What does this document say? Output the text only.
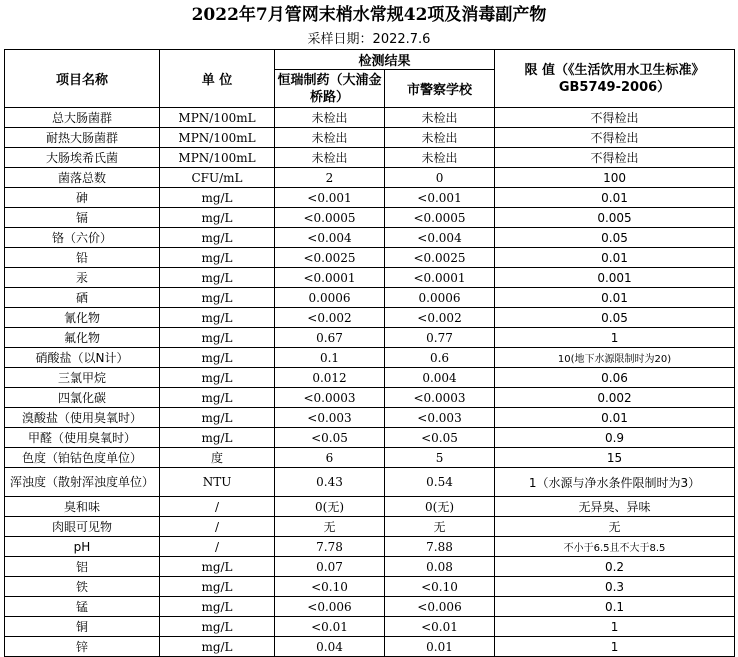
2022年7月管网末梢水常规42项及消毒副产物
采样日期：2022.7.6
项目名称	单 位	检测结果		限 值（《生活饮用水卫生标准》GB5749-2006）
		恒瑞制药（大浦金桥路）	市警察学校	
总大肠菌群	MPN/100mL	未检出	未检出	不得检出
耐热大肠菌群	MPN/100mL	未检出	未检出	不得检出
大肠埃希氏菌	MPN/100mL	未检出	未检出	不得检出
菌落总数	CFU/mL	2	0	100
砷	mg/L	<0.001	<0.001	0.01
镉	mg/L	<0.0005	<0.0005	0.005
铬（六价）	mg/L	<0.004	<0.004	0.05
铅	mg/L	<0.0025	<0.0025	0.01
汞	mg/L	<0.0001	<0.0001	0.001
硒	mg/L	0.0006	0.0006	0.01
氰化物	mg/L	<0.002	<0.002	0.05
氟化物	mg/L	0.67	0.77	1
硝酸盐（以N计）	mg/L	0.1	0.6	10(地下水源限制时为20)
三氯甲烷	mg/L	0.012	0.004	0.06
四氯化碳	mg/L	<0.0003	<0.0003	0.002
溴酸盐（使用臭氧时）	mg/L	<0.003	<0.003	0.01
甲醛（使用臭氧时）	mg/L	<0.05	<0.05	0.9
色度（铂钴色度单位）	度	6	5	15
浑浊度（散射浑浊度单位）	NTU	0.43	0.54	1（水源与净水条件限制时为3）
臭和味	/	0(无)	0(无)	无异臭、异味
肉眼可见物	/	无	无	无
pH	/	7.78	7.88	不小于6.5且不大于8.5
铝	mg/L	0.07	0.08	0.2
铁	mg/L	<0.10	<0.10	0.3
锰	mg/L	<0.006	<0.006	0.1
铜	mg/L	<0.01	<0.01	1
锌	mg/L	0.04	0.01	1
